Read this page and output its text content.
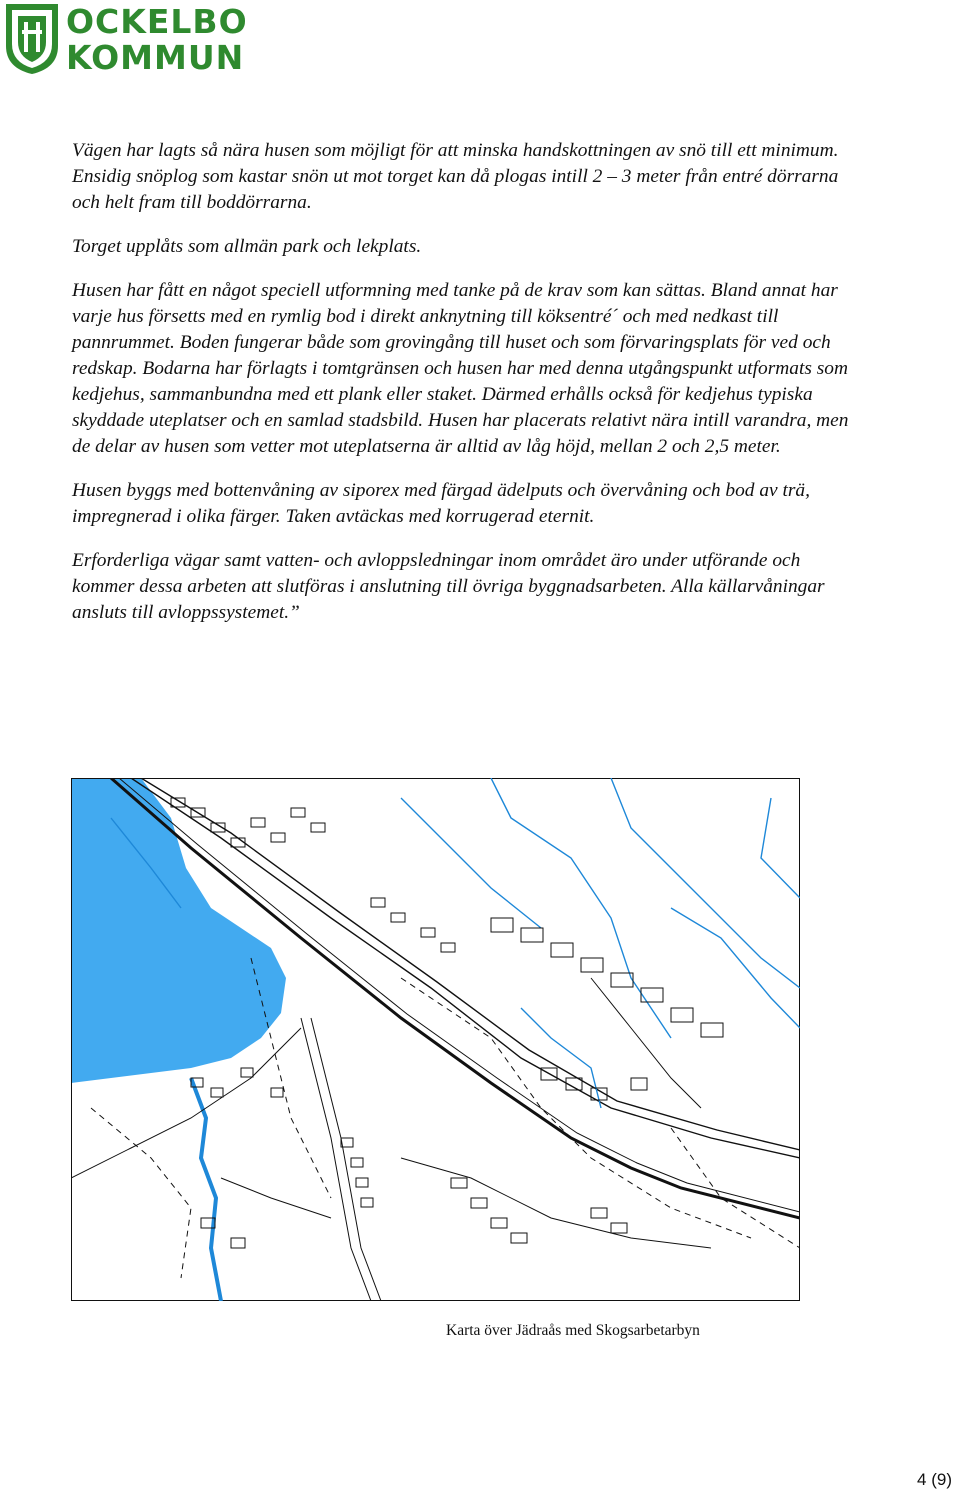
OCKELBO
KOMMUN

Vägen har lagts så nära husen som möjligt för att minska handskottningen av snö till ett minimum. Ensidig snöplog som kastar snön ut mot torget kan då plogas intill 2 – 3 meter från entré dörrarna och helt fram till boddörrarna.

Torget upplåts som allmän park och lekplats.

Husen har fått en något speciell utformning med tanke på de krav som kan sättas. Bland annat har varje hus försetts med en rymlig bod i direkt anknytning till köksentré´ och med nedkast till pannrummet. Boden fungerar både som grovingång till huset och som förvaringsplats för ved och redskap. Bodarna har förlagts i tomtgränsen och husen har med denna utgångspunkt utformats som kedjehus, sammanbundna med ett plank eller staket. Därmed erhålls också för kedjehus typiska skyddade uteplatser och en samlad stadsbild. Husen har placerats relativt nära intill varandra, men de delar av husen som vetter mot uteplatserna är alltid av låg höjd, mellan 2 och 2,5 meter.

Husen byggs med bottenvåning av siporex med färgad ädelputs och övervåning och bod av trä, impregnerad i olika färger. Taken avtäckas med korrugerad eternit.

Erforderliga vägar samt vatten- och avloppsledningar inom området äro under utförande och kommer dessa arbeten att slutföras i anslutning till övriga byggnadsarbeten. Alla källarvåningar ansluts till avloppssystemet.”

Karta över Jädraås med Skogsarbetarbyn
4 (9)
